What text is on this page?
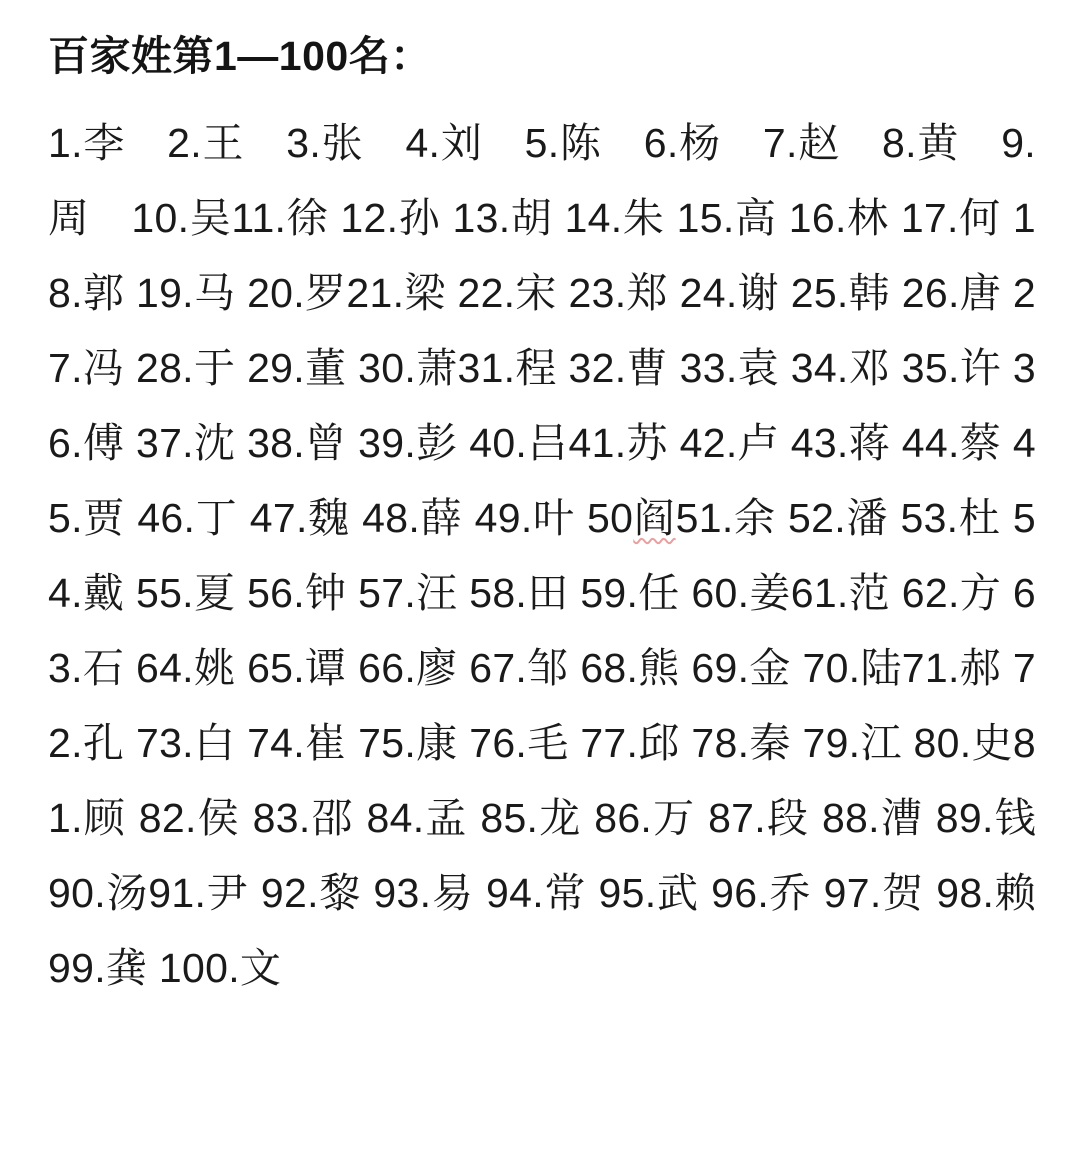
百家姓第1—100名：
1.李　2.王　3.张　4.刘　5.陈　6.杨　7.赵　8.黄　9.周　10.吴11.徐 12.孙 13.胡 14.朱 15.高 16.林 17.何 18.郭 19.马 20.罗21.梁 22.宋 23.郑 24.谢 25.韩 26.唐 27.冯 28.于 29.董 30.萧31.程 32.曹 33.袁 34.邓 35.许 36.傅 37.沈 38.曾 39.彭 40.吕41.苏 42.卢 43.蒋 44.蔡 45.贾 46.丁 47.魏 48.薛 49.叶 50阎51.余 52.潘 53.杜 54.戴 55.夏 56.钟 57.汪 58.田 59.任 60.姜61.范 62.方 63.石 64.姚 65.谭 66.廖 67.邹 68.熊 69.金 70.陆71.郝 72.孔 73.白 74.崔 75.康 76.毛 77.邱 78.秦 79.江 80.史81.顾 82.侯 83.邵 84.孟 85.龙 86.万 87.段 88.漕 89.钱 90.汤91.尹 92.黎 93.易 94.常 95.武 96.乔 97.贺 98.赖 99.龚 100.文
